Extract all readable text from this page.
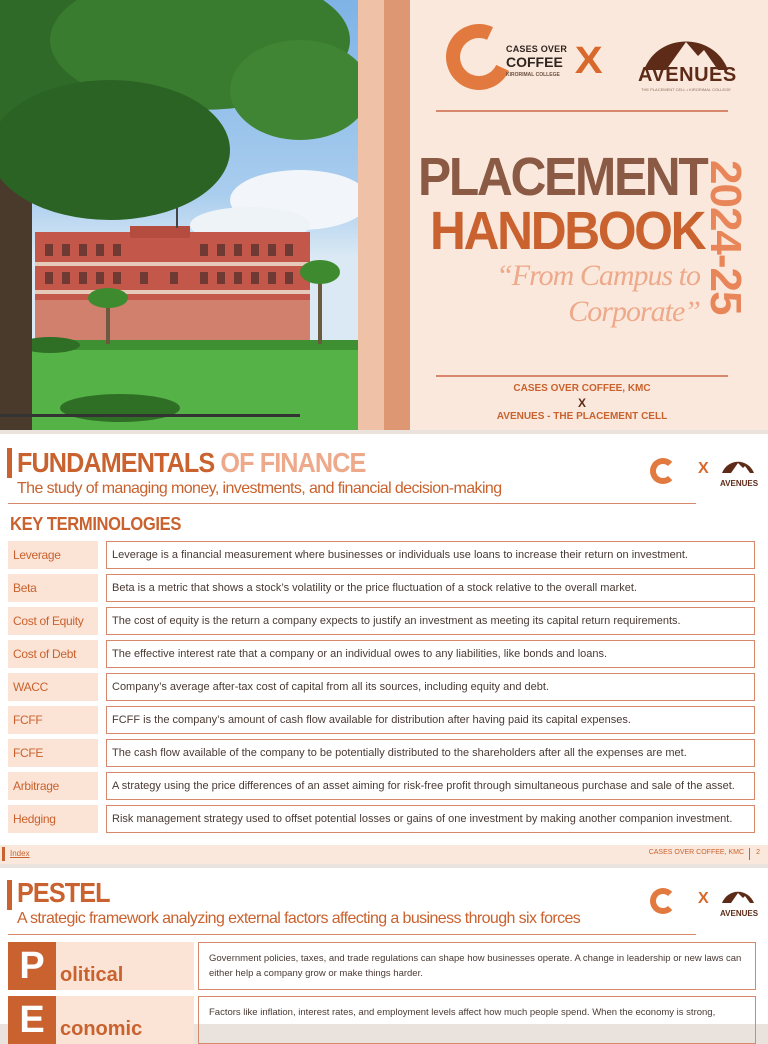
CASES OVER
COFFEE
KIRORIMAL COLLEGE X AVENUES
THE PLACEMENT CELL • KIRORIMAL COLLEGE
PLACEMENT
HANDBOOK
2024-25
“From Campus to Corporate”
CASES OVER COFFEE, KMC
X
AVENUES - THE PLACEMENT CELL
FUNDAMENTALS OF FINANCE
The study of managing money, investments, and financial decision-making
X
AVENUES
KEY TERMINOLOGIES
Leverage	Leverage is a financial measurement where businesses or individuals use loans to increase their return on investment.
Beta	Beta is a metric that shows a stock’s volatility or the price fluctuation of a stock relative to the overall market.
Cost of Equity	The cost of equity is the return a company expects to justify an investment as meeting its capital return requirements.
Cost of Debt	The effective interest rate that a company or an individual owes to any liabilities, like bonds and loans.
WACC	Company’s average after-tax cost of capital from all its sources, including equity and debt.
FCFF	FCFF is the company’s amount of cash flow available for distribution after having paid its capital expenses.
FCFE	The cash flow available of the company to be potentially distributed to the shareholders after all the expenses are met.
Arbitrage	A strategy using the price differences of an asset aiming for risk-free profit through simultaneous purchase and sale of the asset.
Hedging	Risk management strategy used to offset potential losses or gains of one investment by making another companion investment.
Index	CASES OVER COFFEE, KMC 2
PESTEL
A strategic framework analyzing external factors affecting a business through six forces
X
AVENUES
P olitical
Government policies, taxes, and trade regulations can shape how businesses operate. A change in leadership or new laws can either help a company grow or make things harder.
E conomic
Factors like inflation, interest rates, and employment levels affect how much people spend. When the economy is strong,
